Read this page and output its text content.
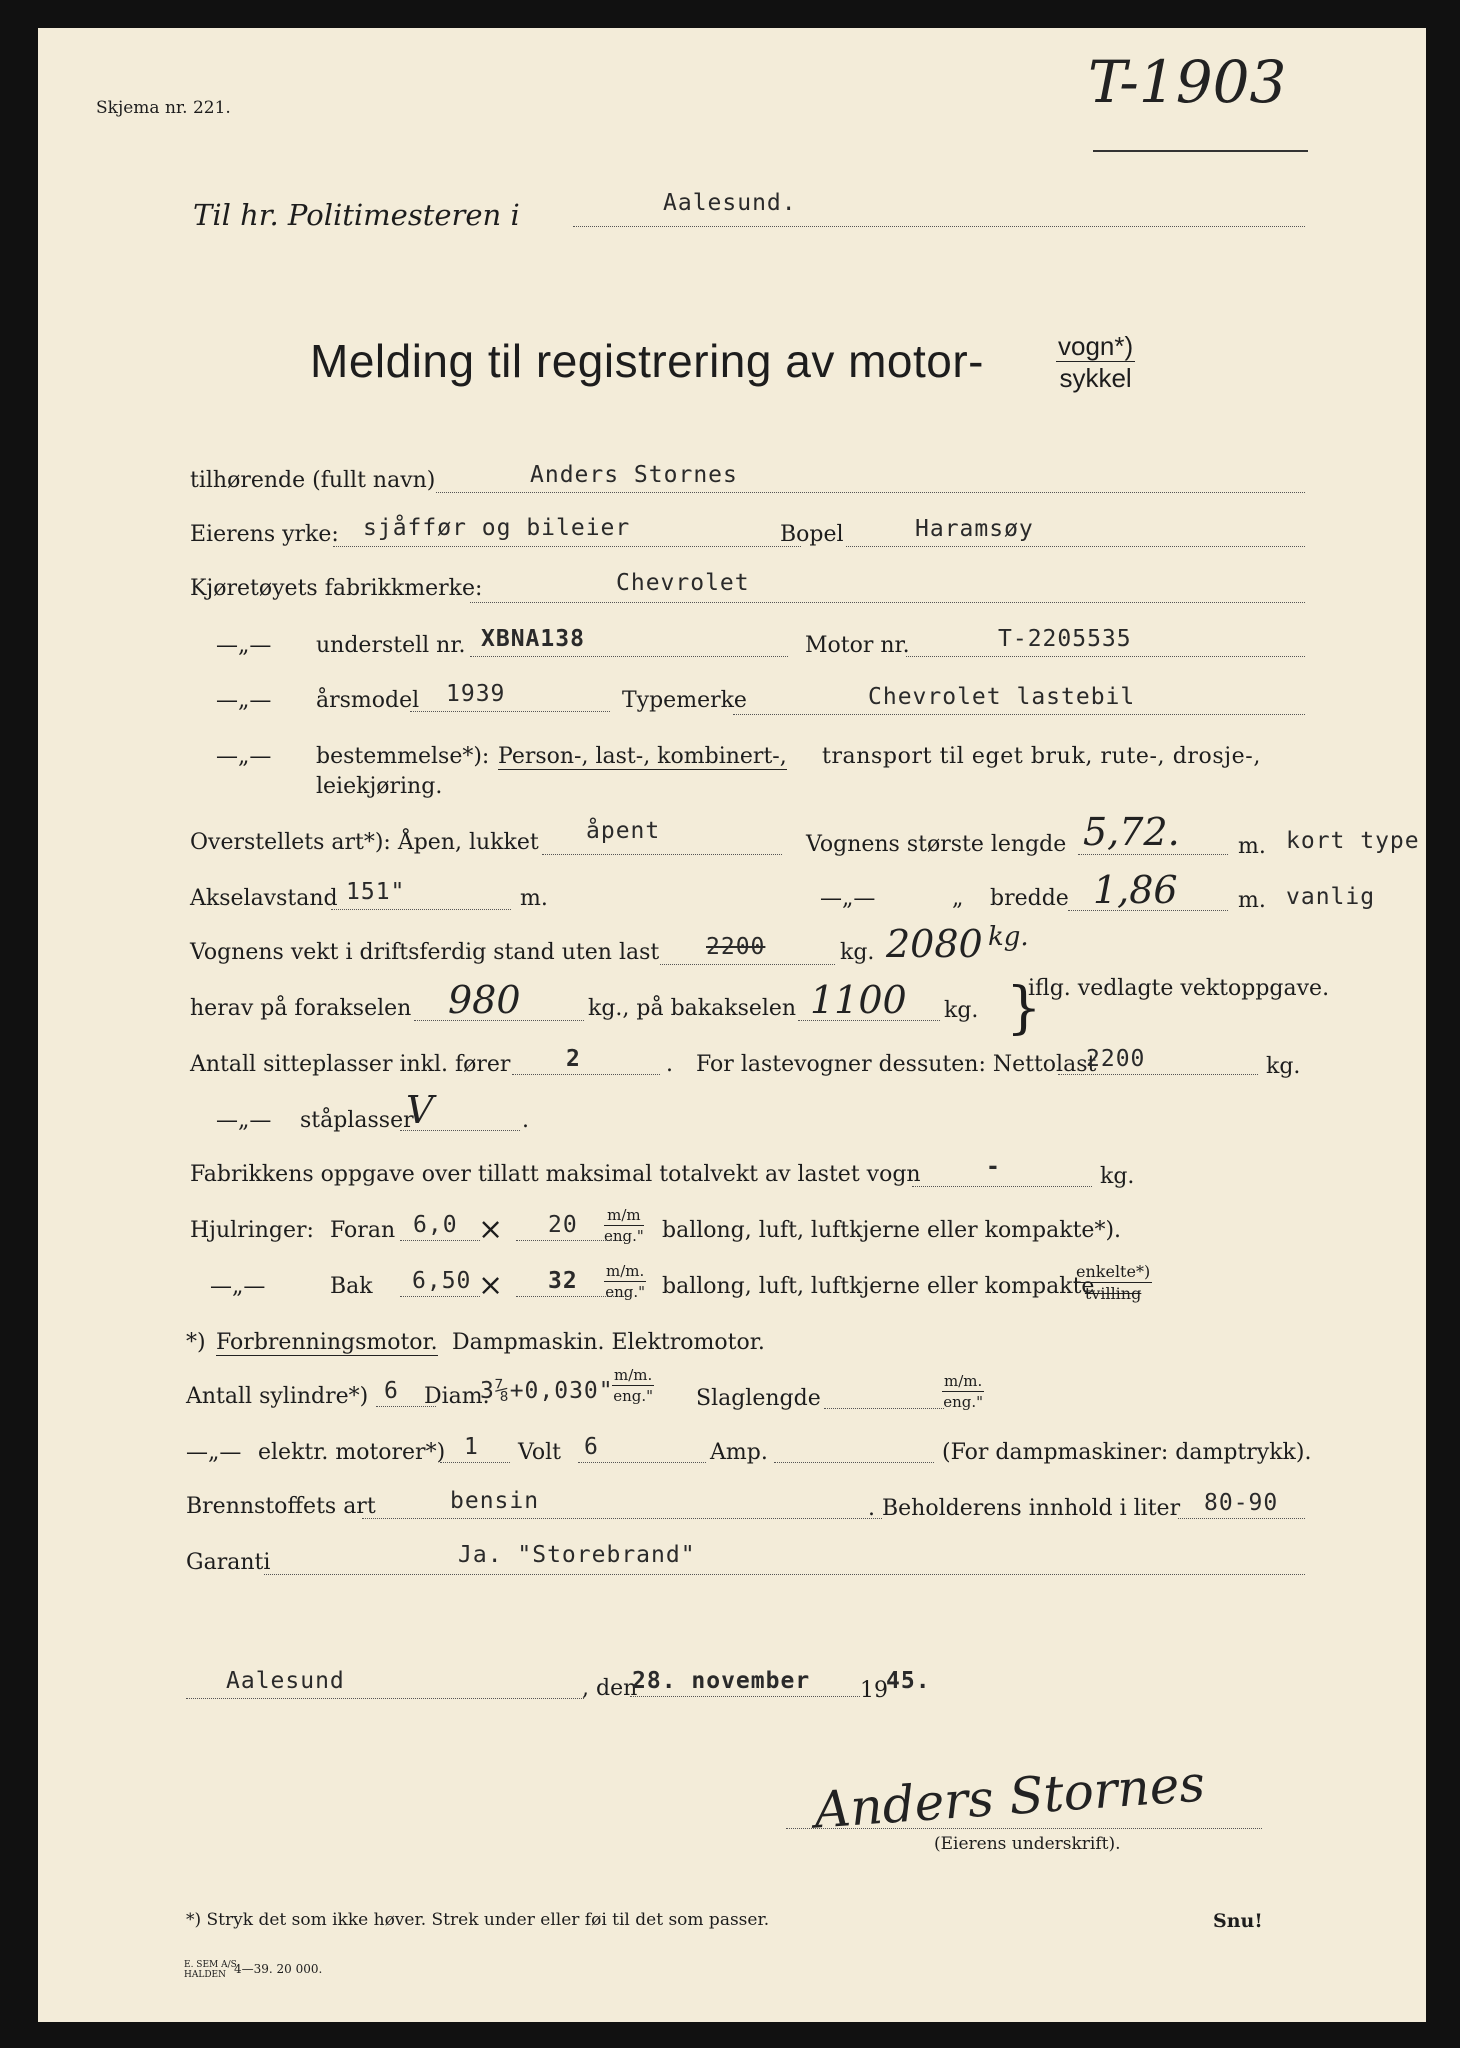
Skjema nr. 221.	T-1903
Til hr. Politimesteren i	Aalesund.
Melding til registrering av motor-	vogn*)
sykkel
tilhørende (fullt navn)	Anders Stornes
Eierens yrke: sjåffør og bileier	Bopel	Haramsøy
Kjøretøyets fabrikkmerke:	Chevrolet
—„— understell nr. XBNA138	Motor nr.	T-2205535
—„— årsmodel 1939	Typemerke	Chevrolet lastebil
—„— bestemmelse*): Person-, last-, kombinert-, transport til eget bruk, rute-, drosje-,
leiekjøring.
Overstellets art*): Åpen, lukket åpent
Vognens største lengde 5,72.	m. kort type
Akselavstand 151"	m.	—„—	„ bredde 1,86	m. vanlig
Vognens vekt i driftsferdig stand uten last 2200	kg. 2080 kg.
herav på forakselen 980	kg., på bakakselen 1100 kg. }
iflg. vedlagte vektoppgave.
Antall sitteplasser inkl. fører 2	. For lastevogner dessuten: Nettolast
2200	kg.
—„— ståplasser
V	.
Fabrikkens oppgave over tillatt maksimal totalvekt av lastet vogn	-	kg.
Hjulringer: Foran 6,0 × 20 m/m
eng." ballong, luft, luftkjerne eller kompakte*).
—„—	Bak 6,50 × 32 m/m.
eng." ballong, luft, luftkjerne eller kompakte
enkelte*)
tvilling
*) Forbrenningsmotor. Dampmaskin. Elektromotor.
Antall sylindre*) 6 Diam.
3⅞+0,030"
m/m.
eng." Slaglengde
m/m.
eng."
—„— elektr. motorer*) 1 Volt 6	Amp.	(For dampmaskiner: damptrykk).
Brennstoffets art	bensin	. Beholderens innhold i liter 80-90
Garanti	Ja. "Storebrand"
Aalesund	, den
28. november 19
45.
Anders Stornes
(Eierens underskrift).
*) Stryk det som ikke høver. Strek under eller føi til det som passer.	Snu!
E. SEM A/S
HALDEN 4—39. 20 000.
